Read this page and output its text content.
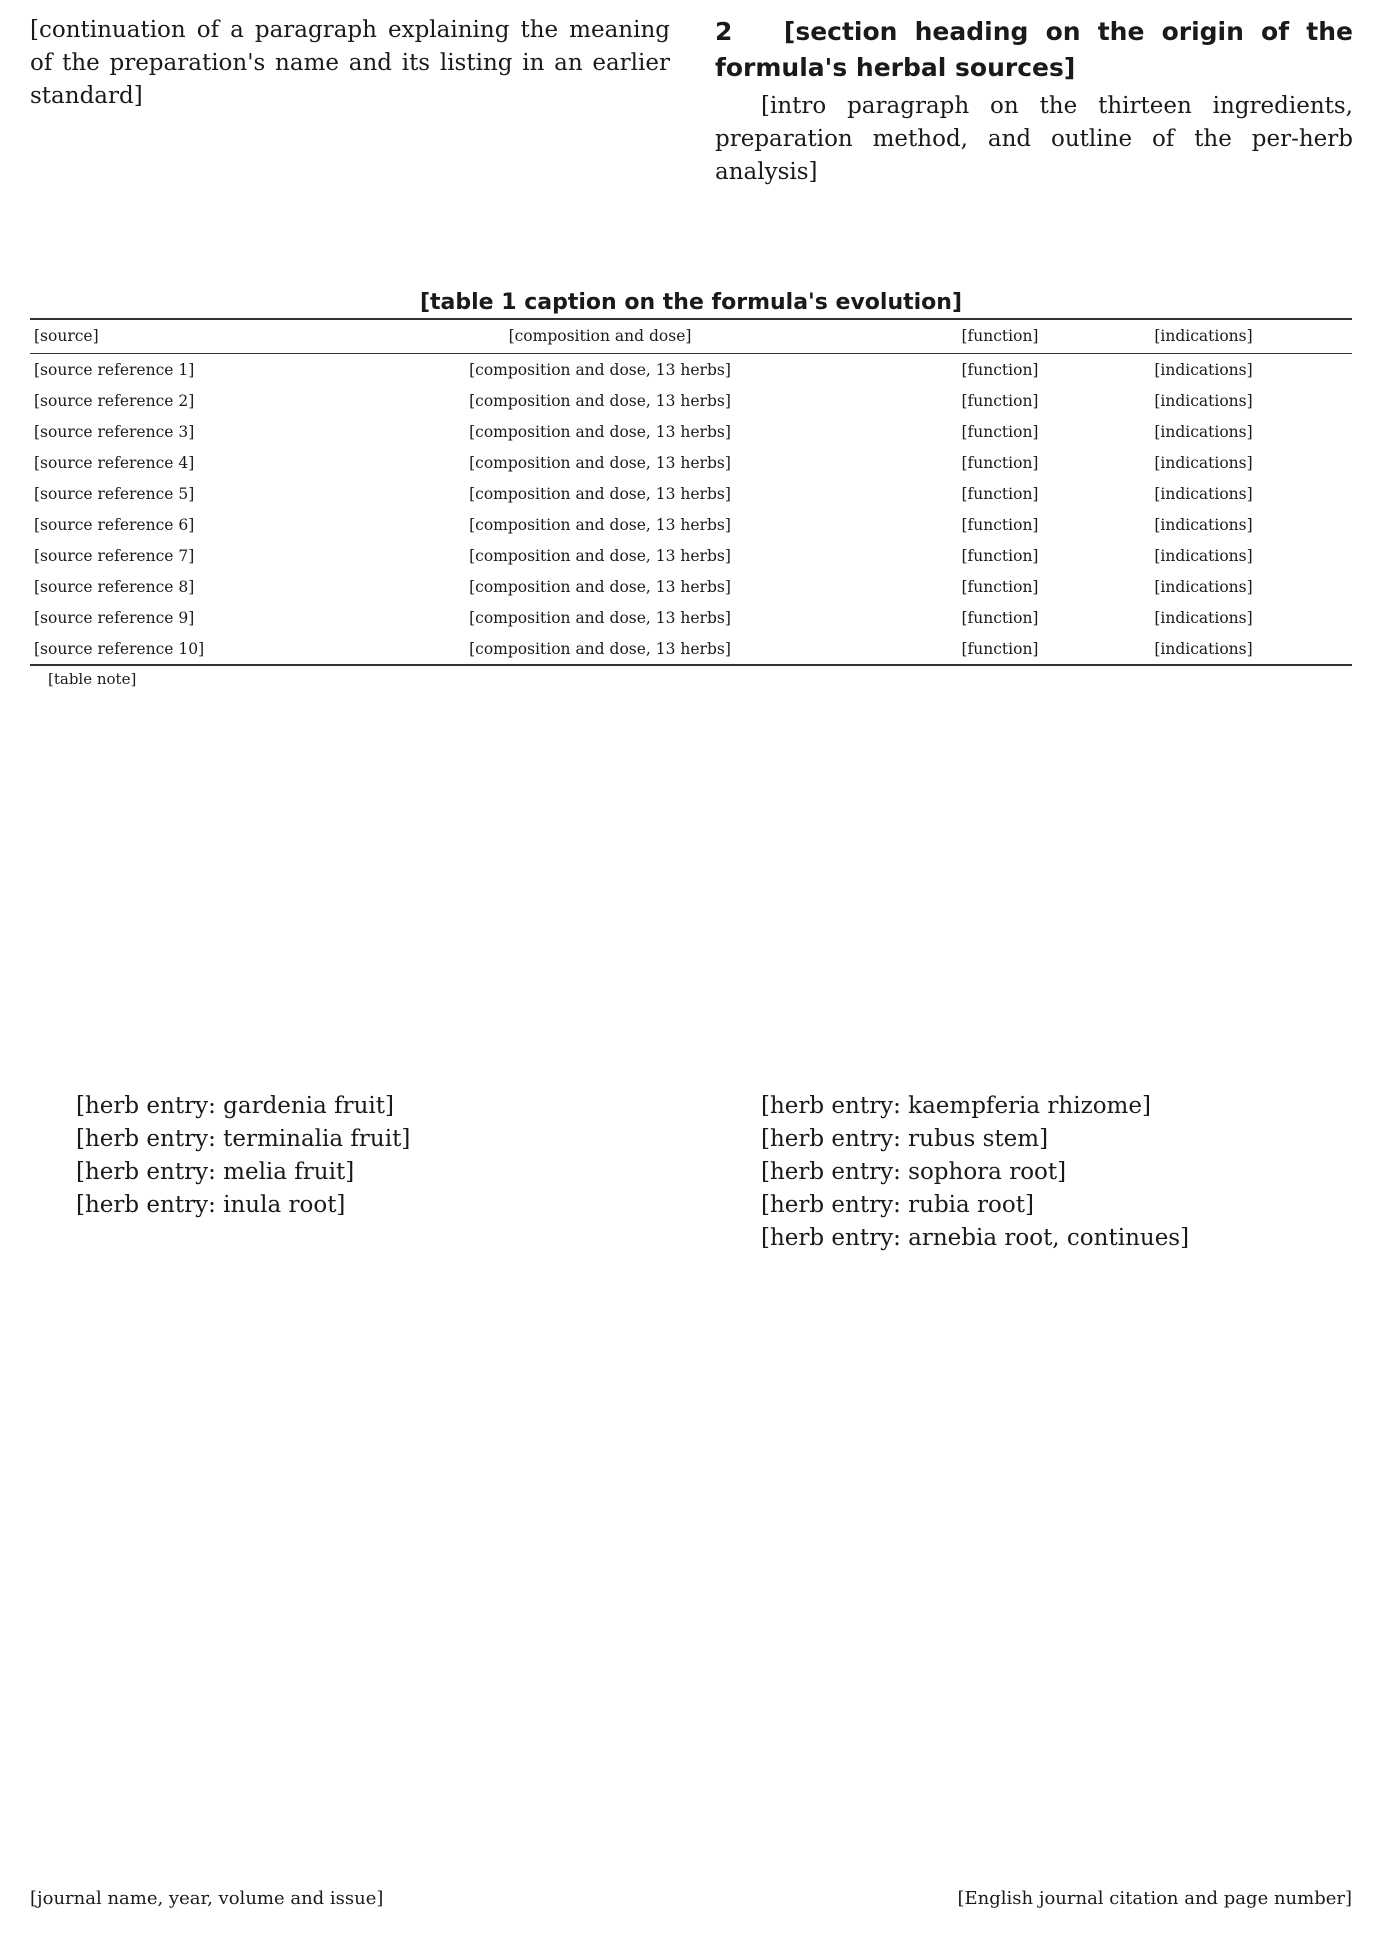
[continuation of a paragraph explaining the meaning of the preparation's name and its listing in an earlier standard]

2 [section heading on the origin of the formula's herbal sources]

[intro paragraph on the thirteen ingredients, preparation method, and outline of the per-herb analysis]

[table 1 caption on the formula's evolution]
[source]	[composition and dose]	[function]	[indications]
[source reference 1]	[composition and dose, 13 herbs]	[function]	[indications]
[source reference 2]	[composition and dose, 13 herbs]	[function]	[indications]
[source reference 3]	[composition and dose, 13 herbs]	[function]	[indications]
[source reference 4]	[composition and dose, 13 herbs]	[function]	[indications]
[source reference 5]	[composition and dose, 13 herbs]	[function]	[indications]
[source reference 6]	[composition and dose, 13 herbs]	[function]	[indications]
[source reference 7]	[composition and dose, 13 herbs]	[function]	[indications]
[source reference 8]	[composition and dose, 13 herbs]	[function]	[indications]
[source reference 9]	[composition and dose, 13 herbs]	[function]	[indications]
[source reference 10]	[composition and dose, 13 herbs]	[function]	[indications]
[table note]

[herb entry: gardenia fruit]

[herb entry: terminalia fruit]

[herb entry: melia fruit]

[herb entry: inula root]

[herb entry: kaempferia rhizome]

[herb entry: rubus stem]

[herb entry: sophora root]

[herb entry: rubia root]

[herb entry: arnebia root, continues]

[journal name, year, volume and issue]	[English journal citation and page number]
